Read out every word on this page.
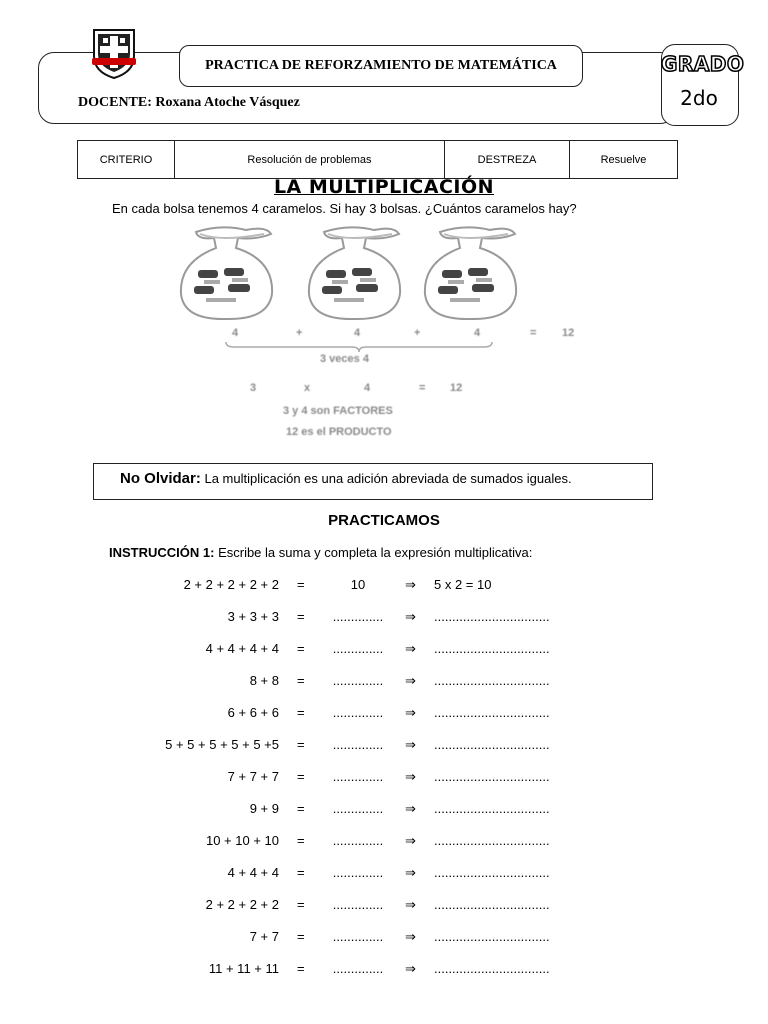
PRACTICA DE REFORZAMIENTO DE MATEMÁTICA
DOCENTE: Roxana Atoche Vásquez
GRADO
2do
CRITERIO	Resolución de problemas	DESTREZA	Resuelve
LA MULTIPLICACIÓN
En cada bolsa tenemos 4 caramelos. Si hay 3 bolsas. ¿Cuántos caramelos hay?
4	+	4	+	4	= 12
3 veces 4
3	x	4	= 12
3 y 4 son FACTORES
12 es el PRODUCTO
No Olvidar: La multiplicación es una adición abreviada de sumados iguales.
PRACTICAMOS
INSTRUCCIÓN 1: Escribe la suma y completa la expresión multiplicativa:
2 + 2 + 2 + 2 + 2 =	10	⇒ 5 x 2 = 10
3 + 3 + 3 = .............. ⇒ ................................
4 + 4 + 4 + 4 = .............. ⇒ ................................
8 + 8 = .............. ⇒ ................................
6 + 6 + 6 = .............. ⇒ ................................
5 + 5 + 5 + 5 + 5 +5 = .............. ⇒ ................................
7 + 7 + 7 = .............. ⇒ ................................
9 + 9 = .............. ⇒ ................................
10 + 10 + 10 = .............. ⇒ ................................
4 + 4 + 4 = .............. ⇒ ................................
2 + 2 + 2 + 2 = .............. ⇒ ................................
7 + 7 = .............. ⇒ ................................
11 + 11 + 11 = .............. ⇒ ................................
